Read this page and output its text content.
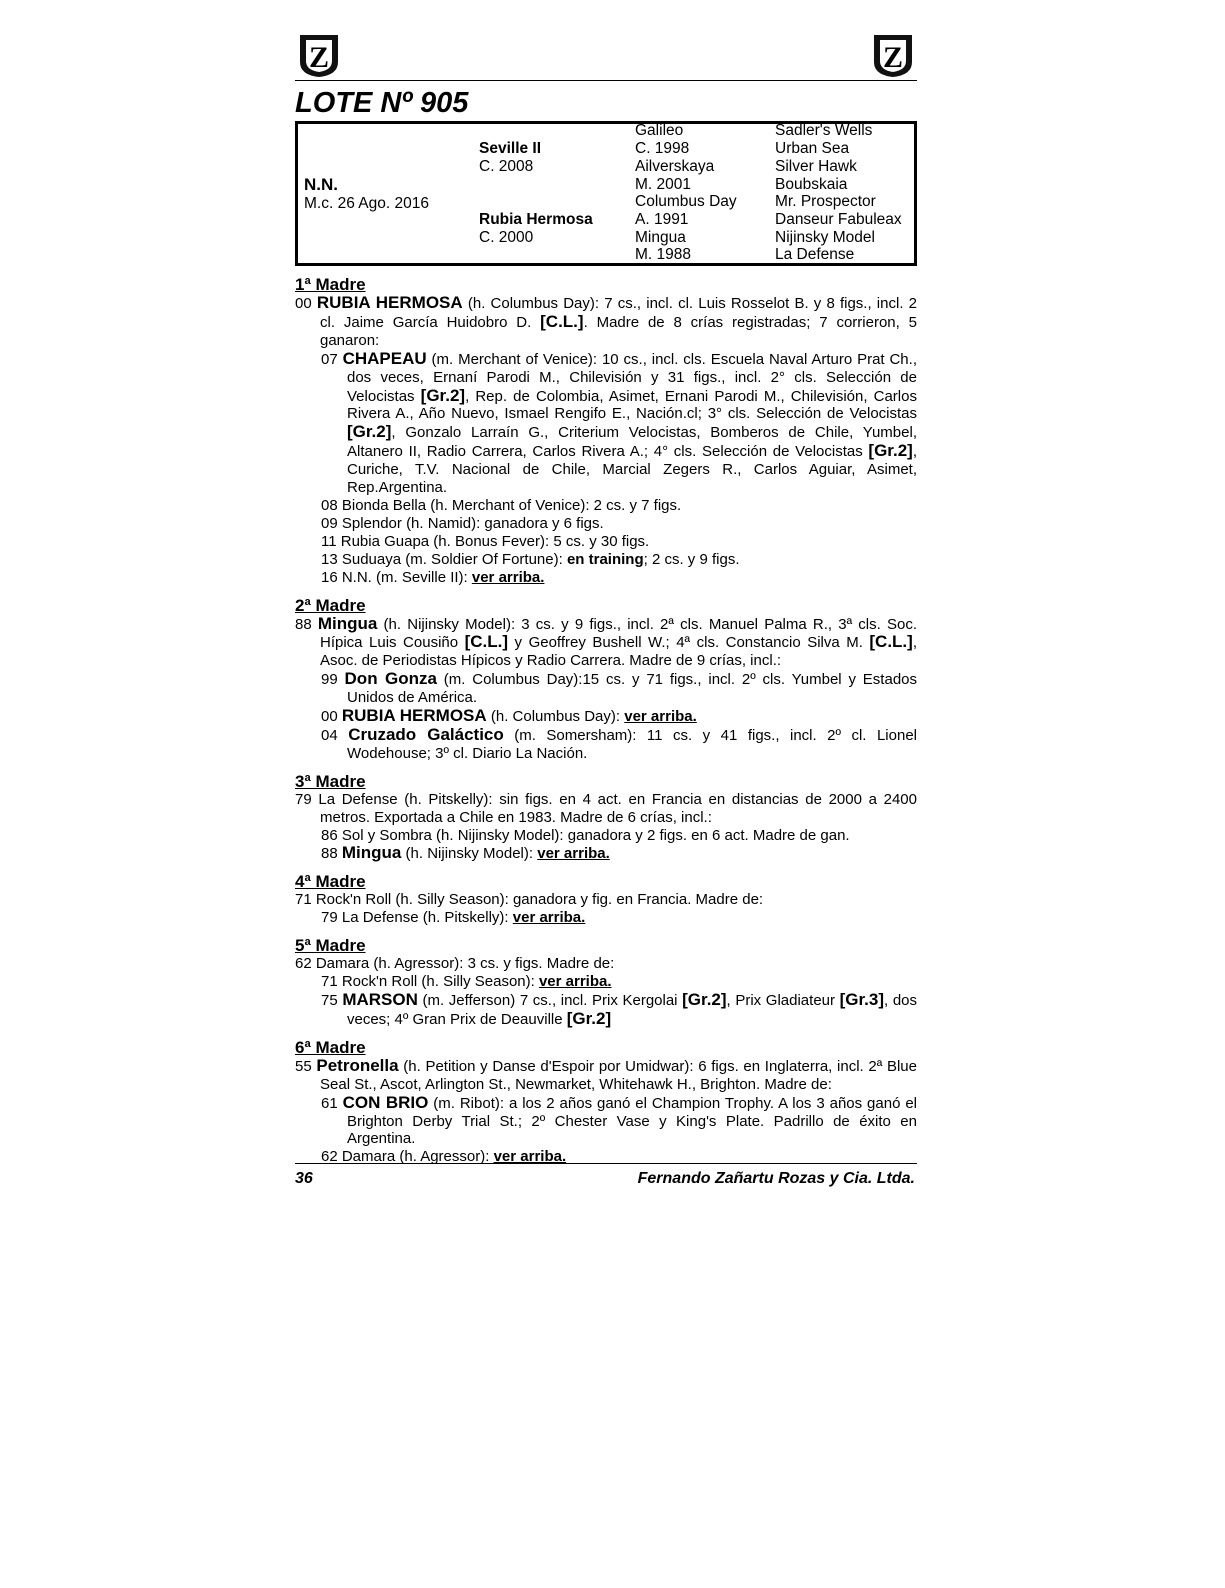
Z	Z
LOTE Nº 905
N.N.
M.c. 26 Ago. 2016
Seville II
C. 2008
Rubia Hermosa
C. 2000
Galileo
C. 1998
Ailverskaya
M. 2001
Columbus Day
A. 1991
Mingua
M. 1988
Sadler's Wells
Urban Sea
Silver Hawk
Boubskaia
Mr. Prospector
Danseur Fabuleax
Nijinsky Model
La Defense
1ª Madre
00 RUBIA HERMOSA (h. Columbus Day): 7 cs., incl. cl. Luis Rosselot B. y 8 figs., incl. 2 cl. Jaime García Huidobro D. [C.L.]. Madre de 8 crías registradas; 7 corrieron, 5 ganaron:
07 CHAPEAU (m. Merchant of Venice): 10 cs., incl. cls. Escuela Naval Arturo Prat Ch., dos veces, Ernaní Parodi M., Chilevisión y 31 figs., incl. 2° cls. Selección de Velocistas [Gr.2], Rep. de Colombia, Asimet, Ernani Parodi M., Chilevisión, Carlos Rivera A., Año Nuevo, Ismael Rengifo E., Nación.cl; 3° cls. Selección de Velocistas [Gr.2], Gonzalo Larraín G., Criterium Velocistas, Bomberos de Chile, Yumbel, Altanero II, Radio Carrera, Carlos Rivera A.; 4° cls. Selección de Velocistas [Gr.2], Curiche, T.V. Nacional de Chile, Marcial Zegers R., Carlos Aguiar, Asimet, Rep.Argentina.
08 Bionda Bella (h. Merchant of Venice): 2 cs. y 7 figs.
09 Splendor (h. Namid): ganadora y 6 figs.
11 Rubia Guapa (h. Bonus Fever): 5 cs. y 30 figs.
13 Suduaya (m. Soldier Of Fortune): en training; 2 cs. y 9 figs.
16 N.N. (m. Seville II): ver arriba.
2ª Madre
88 Mingua (h. Nijinsky Model): 3 cs. y 9 figs., incl. 2ª cls. Manuel Palma R., 3ª cls. Soc. Hípica Luis Cousiño [C.L.] y Geoffrey Bushell W.; 4ª cls. Constancio Silva M. [C.L.], Asoc. de Periodistas Hípicos y Radio Carrera. Madre de 9 crías, incl.:
99 Don Gonza (m. Columbus Day):15 cs. y 71 figs., incl. 2º cls. Yumbel y Estados Unidos de América.
00 RUBIA HERMOSA (h. Columbus Day): ver arriba.
04 Cruzado Galáctico (m. Somersham): 11 cs. y 41 figs., incl. 2º cl. Lionel Wodehouse; 3º cl. Diario La Nación.
3ª Madre
79 La Defense (h. Pitskelly): sin figs. en 4 act. en Francia en distancias de 2000 a 2400 metros. Exportada a Chile en 1983. Madre de 6 crías, incl.:
86 Sol y Sombra (h. Nijinsky Model): ganadora y 2 figs. en 6 act. Madre de gan.
88 Mingua (h. Nijinsky Model): ver arriba.
4ª Madre
71 Rock'n Roll (h. Silly Season): ganadora y fig. en Francia. Madre de:
79 La Defense (h. Pitskelly): ver arriba.
5ª Madre
62 Damara (h. Agressor): 3 cs. y figs. Madre de:
71 Rock'n Roll (h. Silly Season): ver arriba.
75 MARSON (m. Jefferson) 7 cs., incl. Prix Kergolai [Gr.2], Prix Gladiateur [Gr.3], dos veces; 4º Gran Prix de Deauville [Gr.2]
6ª Madre
55 Petronella (h. Petition y Danse d'Espoir por Umidwar): 6 figs. en Inglaterra, incl. 2ª Blue Seal St., Ascot, Arlington St., Newmarket, Whitehawk H., Brighton. Madre de:
61 CON BRIO (m. Ribot): a los 2 años ganó el Champion Trophy. A los 3 años ganó el Brighton Derby Trial St.; 2º Chester Vase y King's Plate. Padrillo de éxito en Argentina.
62 Damara (h. Agressor): ver arriba.
36	Fernando Zañartu Rozas y Cia. Ltda.
